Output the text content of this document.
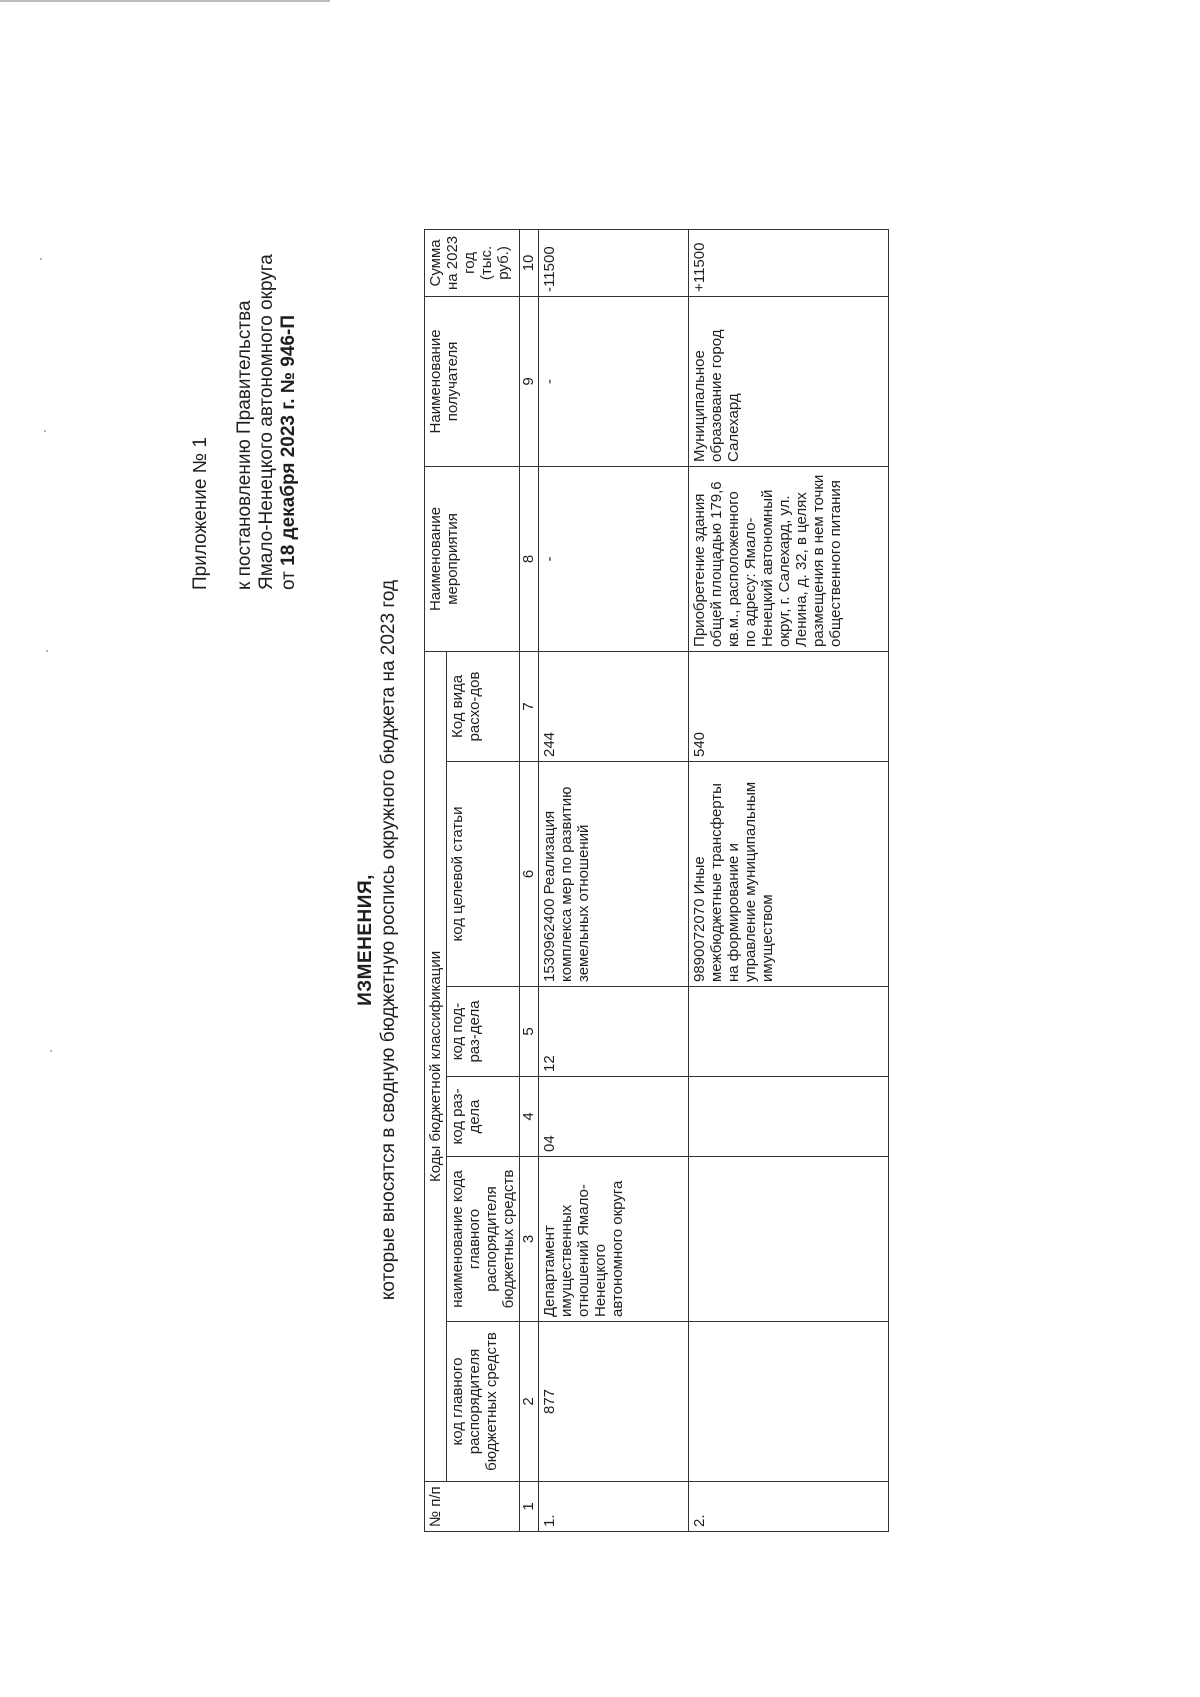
Приложение № 1 к постановлению Правительства Ямало-Ненецкого автономного округа от 18 декабря 2023 г. № 946-П
ИЗМЕНЕНИЯ, которые вносятся в сводную бюджетную роспись окружного бюджета на 2023 год
№ п/п	Коды бюджетной классификации						Наименование мероприятия	Наименование получателя	Сумма на 2023 год (тыс. руб.)
	код главного распорядителя бюджетных средств	наименование кода главного распорядителя бюджетных средств	код раз-дела	код под-раз-дела	код целевой статьи	Код вида расхо-дов			
1	2	3	4	5	6	7	8	9	10
1.	877	Департамент имущественных отношений Ямало-Ненецкого автономного округа	04	12	1530962400 Реализация комплекса мер по развитию земельных отношений	244	-	-	-11500
2.					9890072070 Иные межбюджетные трансферты на формирование и управление муниципальным имуществом	540	Приобретение здания общей площадью 179,6 кв.м., расположенного по адресу: Ямало-Ненецкий автономный округ, г. Салехард, ул. Ленина, д. 32, в целях размещения в нем точки общественного питания	Муниципальное образование город Салехард	+11500
